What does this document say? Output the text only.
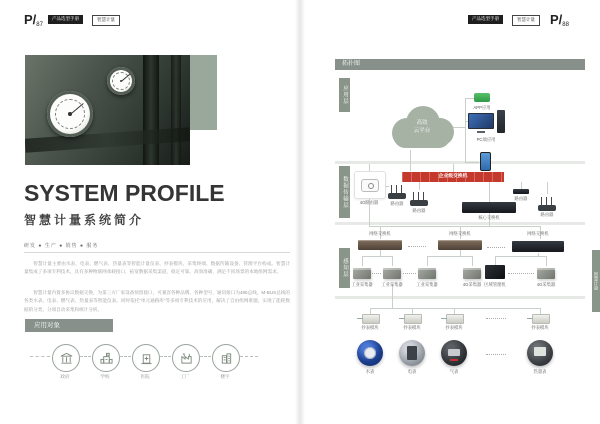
P/87
产品选型手册	智慧计量
SYSTEM PROFILE
智慧计量系统简介
研发 ● 生产 ● 销售 ● 服务
智慧计量主要由水表、电表、燃气表、热量表等智能计量仪表、抄表模块、采集终端、数据传输设备、管理平台构成。智慧计量集成了多项专利技术，具有多种物联网承载接口，拓宽数据采集渠道，稳定可靠、高效准确，满足不同场景的本地组网需求。
智慧计量内置多协议数据交换，为第三方厂家设备预留接口，可兼容各种品牌、各种型号，通讯接口为485总线、M-BUS总线的各类水表、电表、燃气表、热量表等智能仪表。同时依托“单元通路库”等多项专利技术的应用，解决了自由组网难题，实现了能耗数据的分类、分项自动采集和统计分析。
应用对象
政府	学校	医院	工厂	楼宇
产品选型手册	智慧计量	P/88
拓扑图
应用层
数据传输层
感知层
高效
云平台
APP应用
PC端应用
4G路由器	路由器
路由器
企业级交换机
路由器
核心交换机
路由器
网络交换机	网络交换机	网络交换机
工业采集器 工业采集器	工业采集器	4G采集器 区域管理机	4G采集器
抄表模块	抄表模块	抄表模块	抄表模块
水表	电表	气表	热量表
智慧计量
